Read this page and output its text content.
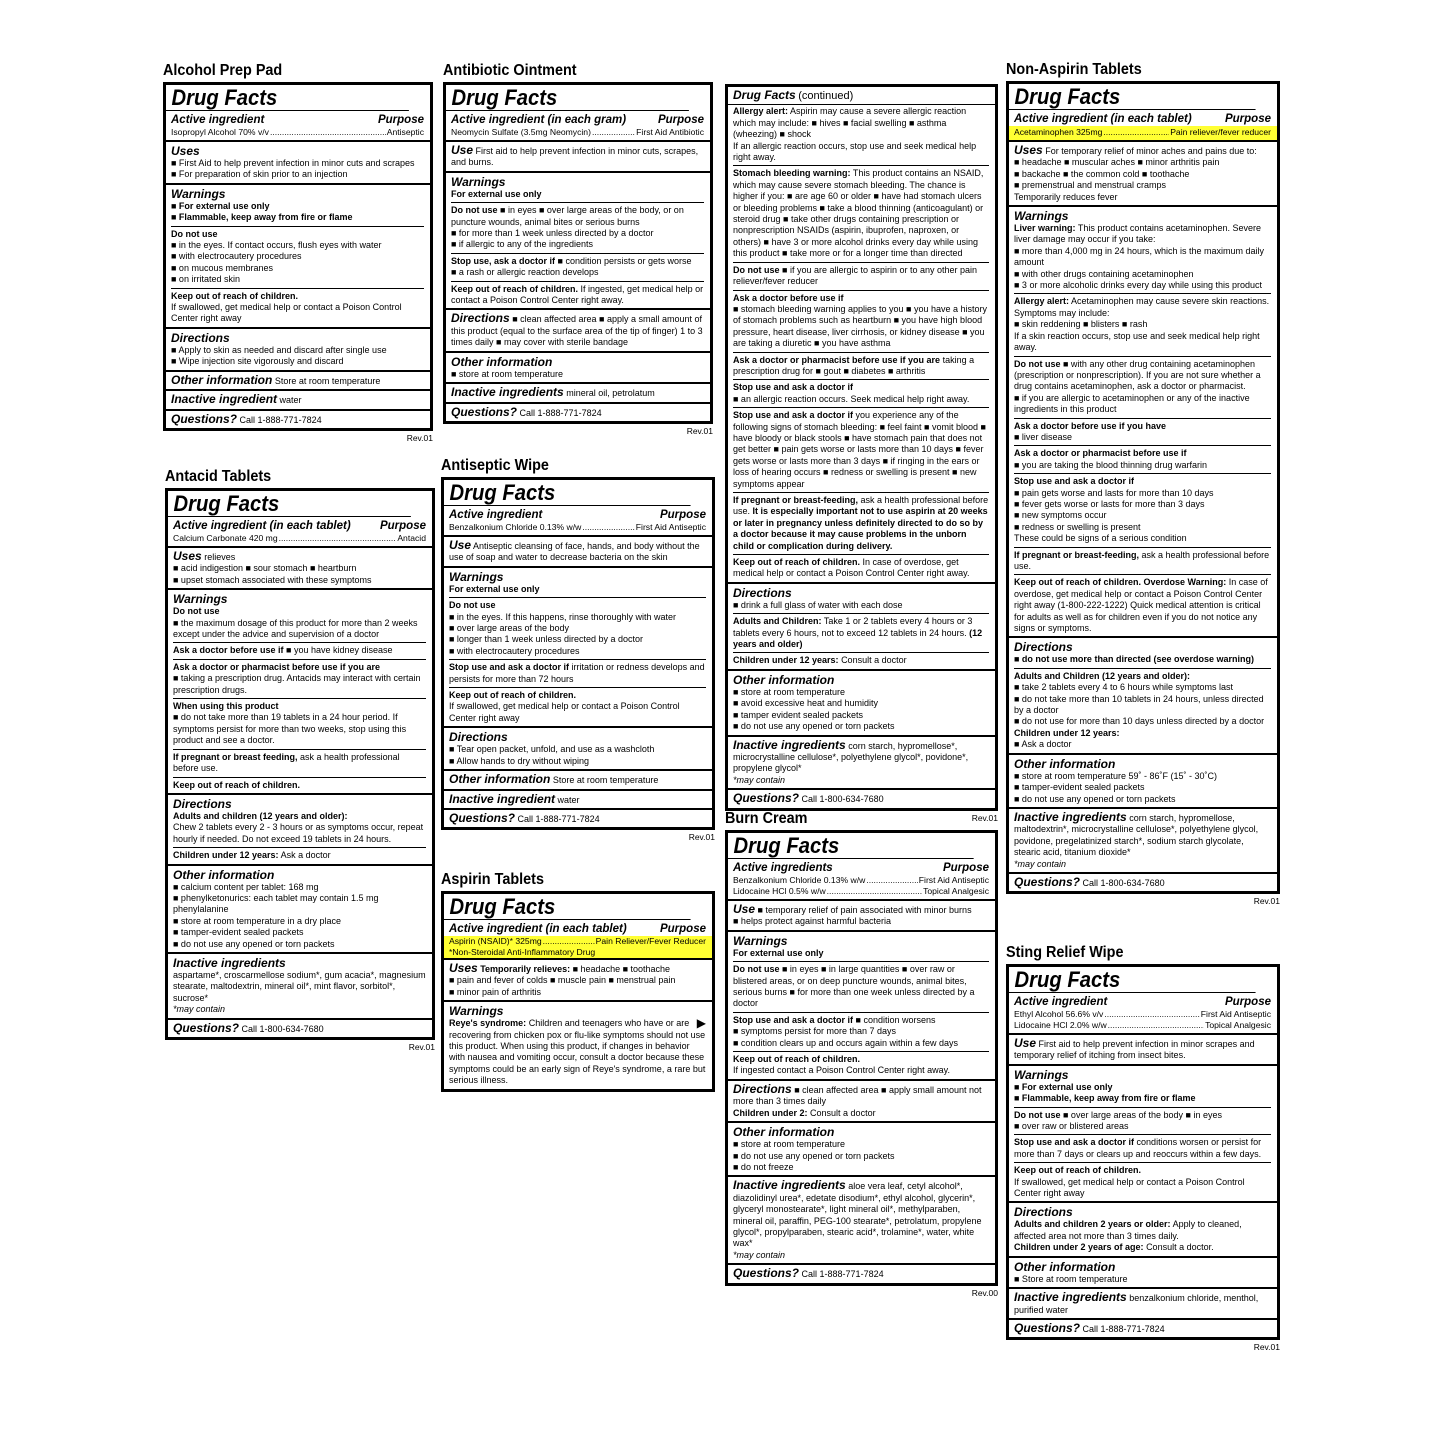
Alcohol Prep Pad
Drug Facts
Active ingredient	Purpose
Isopropyl Alcohol 70% v/v .....	Antiseptic
Uses
■ First Aid to help prevent infection in minor cuts and scrapes
■ For preparation of skin prior to an injection
Warnings
■ For external use only
■ Flammable, keep away from fire or flame
Do not use
■ in the eyes. If contact occurs, flush eyes with water
■ with electrocautery procedures
■ on mucous membranes
■ on irritated skin
Keep out of reach of children.
If swallowed, get medical help or contact a Poison Control Center right away
Directions
■ Apply to skin as needed and discard after single use
■ Wipe injection site vigorously and discard
Other information Store at room temperature
Inactive ingredient water
Questions? Call 1-888-771-7824
Rev.01
Antacid Tablets
Drug Facts
Active ingredient (in each tablet)	Purpose
Calcium Carbonate 420 mg .....	Antacid
Uses relieves
■ acid indigestion ■ sour stomach ■ heartburn
■ upset stomach associated with these symptoms
Warnings
Do not use
■ the maximum dosage of this product for more than 2 weeks except under the advice and supervision of a doctor
Ask a doctor before use if ■ you have kidney disease
Ask a doctor or pharmacist before use if you are
■ taking a prescription drug. Antacids may interact with certain prescription drugs.
When using this product
■ do not take more than 19 tablets in a 24 hour period. If symptoms persist for more than two weeks, stop using this product and see a doctor.
If pregnant or breast feeding, ask a health professional before use.
Keep out of reach of children.
Directions
Adults and children (12 years and older):
Chew 2 tablets every 2 - 3 hours or as symptoms occur, repeat hourly if needed. Do not exceed 19 tablets in 24 hours.
Children under 12 years: Ask a doctor
Other information
■ calcium content per tablet: 168 mg
■ phenylketonurics: each tablet may contain 1.5 mg phenylalanine
■ store at room temperature in a dry place
■ tamper-evident sealed packets
■ do not use any opened or torn packets
Inactive ingredients
aspartame*, croscarmellose sodium*, gum acacia*, magnesium stearate, maltodextrin, mineral oil*, mint flavor, sorbitol*, sucrose*
*may contain
Questions? Call 1-800-634-7680
Rev.01
Antibiotic Ointment
Drug Facts
Active ingredient (in each gram)	Purpose
Neomycin Sulfate (3.5mg Neomycin) .....	First Aid Antibiotic
Use First aid to help prevent infection in minor cuts, scrapes, and burns.
Warnings
For external use only
Do not use ■ in eyes ■ over large areas of the body, or on puncture wounds, animal bites or serious burns
■ for more than 1 week unless directed by a doctor
■ if allergic to any of the ingredients
Stop use, ask a doctor if ■ condition persists or gets worse
■ a rash or allergic reaction develops
Keep out of reach of children. If ingested, get medical help or contact a Poison Control Center right away.
Directions ■ clean affected area ■ apply a small amount of this product (equal to the surface area of the tip of finger) 1 to 3 times daily ■ may cover with sterile bandage
Other information
■ store at room temperature
Inactive ingredients mineral oil, petrolatum
Questions? Call 1-888-771-7824
Rev.01
Antiseptic Wipe
Drug Facts
Active ingredient	Purpose
Benzalkonium Chloride 0.13% w/w .....	First Aid Antiseptic
Use Antiseptic cleansing of face, hands, and body without the use of soap and water to decrease bacteria on the skin
Warnings
For external use only
Do not use
■ in the eyes. If this happens, rinse thoroughly with water
■ over large areas of the body
■ longer than 1 week unless directed by a doctor
■ with electrocautery procedures
Stop use and ask a doctor if irritation or redness develops and persists for more than 72 hours
Keep out of reach of children.
If swallowed, get medical help or contact a Poison Control Center right away
Directions
■ Tear open packet, unfold, and use as a washcloth
■ Allow hands to dry without wiping
Other information Store at room temperature
Inactive ingredient water
Questions? Call 1-888-771-7824
Rev.01
Aspirin Tablets
Drug Facts
Active ingredient (in each tablet)	Purpose
Aspirin (NSAID)* 325mg .....	Pain Reliever/Fever Reducer
*Non-Steroidal Anti-Inflammatory Drug
Uses Temporarily relieves: ■ headache ■ toothache
■ pain and fever of colds ■ muscle pain ■ menstrual pain
■ minor pain of arthritis
Warnings
▶
Reye's syndrome: Children and teenagers who have or are recovering from chicken pox or flu-like symptoms should not use this product. When using this product, if changes in behavior with nausea and vomiting occur, consult a doctor because these symptoms could be an early sign of Reye's syndrome, a rare but serious illness.
Drug Facts (continued)
Allergy alert: Aspirin may cause a severe allergic reaction which may include: ■ hives ■ facial swelling ■ asthma (wheezing) ■ shock
If an allergic reaction occurs, stop use and seek medical help right away.
Stomach bleeding warning: This product contains an NSAID, which may cause severe stomach bleeding. The chance is higher if you: ■ are age 60 or older ■ have had stomach ulcers or bleeding problems ■ take a blood thinning (anticoagulant) or steroid drug ■ take other drugs containing prescription or nonprescription NSAIDs (aspirin, ibuprofen, naproxen, or others) ■ have 3 or more alcohol drinks every day while using this product ■ take more or for a longer time than directed
Do not use ■ if you are allergic to aspirin or to any other pain reliever/fever reducer
Ask a doctor before use if
■ stomach bleeding warning applies to you ■ you have a history of stomach problems such as heartburn ■ you have high blood pressure, heart disease, liver cirrhosis, or kidney disease ■ you are taking a diuretic ■ you have asthma
Ask a doctor or pharmacist before use if you are taking a prescription drug for ■ gout ■ diabetes ■ arthritis
Stop use and ask a doctor if
■ an allergic reaction occurs. Seek medical help right away.
Stop use and ask a doctor if you experience any of the following signs of stomach bleeding: ■ feel faint ■ vomit blood ■ have bloody or black stools ■ have stomach pain that does not get better ■ pain gets worse or lasts more than 10 days ■ fever gets worse or lasts more than 3 days ■ if ringing in the ears or loss of hearing occurs ■ redness or swelling is present ■ new symptoms appear
If pregnant or breast-feeding, ask a health professional before use. It is especially important not to use aspirin at 20 weeks or later in pregnancy unless definitely directed to do so by a doctor because it may cause problems in the unborn child or complication during delivery.
Keep out of reach of children. In case of overdose, get medical help or contact a Poison Control Center right away.
Directions
■ drink a full glass of water with each dose
Adults and Children: Take 1 or 2 tablets every 4 hours or 3 tablets every 6 hours, not to exceed 12 tablets in 24 hours. (12 years and older)
Children under 12 years: Consult a doctor
Other information
■ store at room temperature
■ avoid excessive heat and humidity
■ tamper evident sealed packets
■ do not use any opened or torn packets
Inactive ingredients corn starch, hypromellose*, microcrystalline cellulose*, polyethylene glycol*, povidone*, propylene glycol*
*may contain
Questions? Call 1-800-634-7680
Rev.01
Burn Cream
Drug Facts
Active ingredients	Purpose
Benzalkonium Chloride 0.13% w/w .....	First Aid Antiseptic
Lidocaine HCl 0.5% w/w .....	Topical Analgesic
Use ■ temporary relief of pain associated with minor burns
■ helps protect against harmful bacteria
Warnings
For external use only
Do not use ■ in eyes ■ in large quantities ■ over raw or blistered areas, or on deep puncture wounds, animal bites, serious burns ■ for more than one week unless directed by a doctor
Stop use and ask a doctor if ■ condition worsens
■ symptoms persist for more than 7 days
■ condition clears up and occurs again within a few days
Keep out of reach of children.
If ingested contact a Poison Control Center right away.
Directions ■ clean affected area ■ apply small amount not more than 3 times daily
Children under 2: Consult a doctor
Other information
■ store at room temperature
■ do not use any opened or torn packets
■ do not freeze
Inactive ingredients aloe vera leaf, cetyl alcohol*, diazolidinyl urea*, edetate disodium*, ethyl alcohol, glycerin*, glyceryl monostearate*, light mineral oil*, methylparaben, mineral oil, paraffin, PEG-100 stearate*, petrolatum, propylene glycol*, propylparaben, stearic acid*, trolamine*, water, white wax*
*may contain
Questions? Call 1-888-771-7824
Rev.00
Non-Aspirin Tablets
Drug Facts
Active ingredient (in each tablet)	Purpose
Acetaminophen 325mg .....	Pain reliever/fever reducer
Uses For temporary relief of minor aches and pains due to:
■ headache ■ muscular aches ■ minor arthritis pain
■ backache ■ the common cold ■ toothache
■ premenstrual and menstrual cramps
Temporarily reduces fever
Warnings
Liver warning: This product contains acetaminophen. Severe liver damage may occur if you take:
■ more than 4,000 mg in 24 hours, which is the maximum daily amount
■ with other drugs containing acetaminophen
■ 3 or more alcoholic drinks every day while using this product
Allergy alert: Acetaminophen may cause severe skin reactions. Symptoms may include:
■ skin reddening ■ blisters ■ rash
If a skin reaction occurs, stop use and seek medical help right away.
Do not use ■ with any other drug containing acetaminophen (prescription or nonprescription). If you are not sure whether a drug contains acetaminophen, ask a doctor or pharmacist.
■ if you are allergic to acetaminophen or any of the inactive ingredients in this product
Ask a doctor before use if you have
■ liver disease
Ask a doctor or pharmacist before use if
■ you are taking the blood thinning drug warfarin
Stop use and ask a doctor if
■ pain gets worse and lasts for more than 10 days
■ fever gets worse or lasts for more than 3 days
■ new symptoms occur
■ redness or swelling is present
These could be signs of a serious condition
If pregnant or breast-feeding, ask a health professional before use.
Keep out of reach of children. Overdose Warning: In case of overdose, get medical help or contact a Poison Control Center right away (1-800-222-1222) Quick medical attention is critical for adults as well as for children even if you do not notice any signs or symptoms.
Directions
■ do not use more than directed (see overdose warning)
Adults and Children (12 years and older):
■ take 2 tablets every 4 to 6 hours while symptoms last
■ do not take more than 10 tablets in 24 hours, unless directed by a doctor
■ do not use for more than 10 days unless directed by a doctor
Children under 12 years:
■ Ask a doctor
Other information
■ store at room temperature 59˚ - 86˚F (15˚ - 30˚C)
■ tamper-evident sealed packets
■ do not use any opened or torn packets
Inactive ingredients corn starch, hypromellose, maltodextrin*, microcrystalline cellulose*, polyethylene glycol, povidone, pregelatinized starch*, sodium starch glycolate, stearic acid, titanium dioxide*
*may contain
Questions? Call 1-800-634-7680
Rev.01
Sting Relief Wipe
Drug Facts
Active ingredient	Purpose
Ethyl Alcohol 56.6% v/v .....	First Aid Antiseptic
Lidocaine HCl 2.0% w/w .....	Topical Analgesic
Use First aid to help prevent infection in minor scrapes and temporary relief of itching from insect bites.
Warnings
■ For external use only
■ Flammable, keep away from fire or flame
Do not use ■ over large areas of the body ■ in eyes
■ over raw or blistered areas
Stop use and ask a doctor if conditions worsen or persist for more than 7 days or clears up and reoccurs within a few days.
Keep out of reach of children.
If swallowed, get medical help or contact a Poison Control Center right away
Directions
Adults and children 2 years or older: Apply to cleaned, affected area not more than 3 times daily.
Children under 2 years of age: Consult a doctor.
Other information
■ Store at room temperature
Inactive ingredients benzalkonium chloride, menthol, purified water
Questions? Call 1-888-771-7824
Rev.01
